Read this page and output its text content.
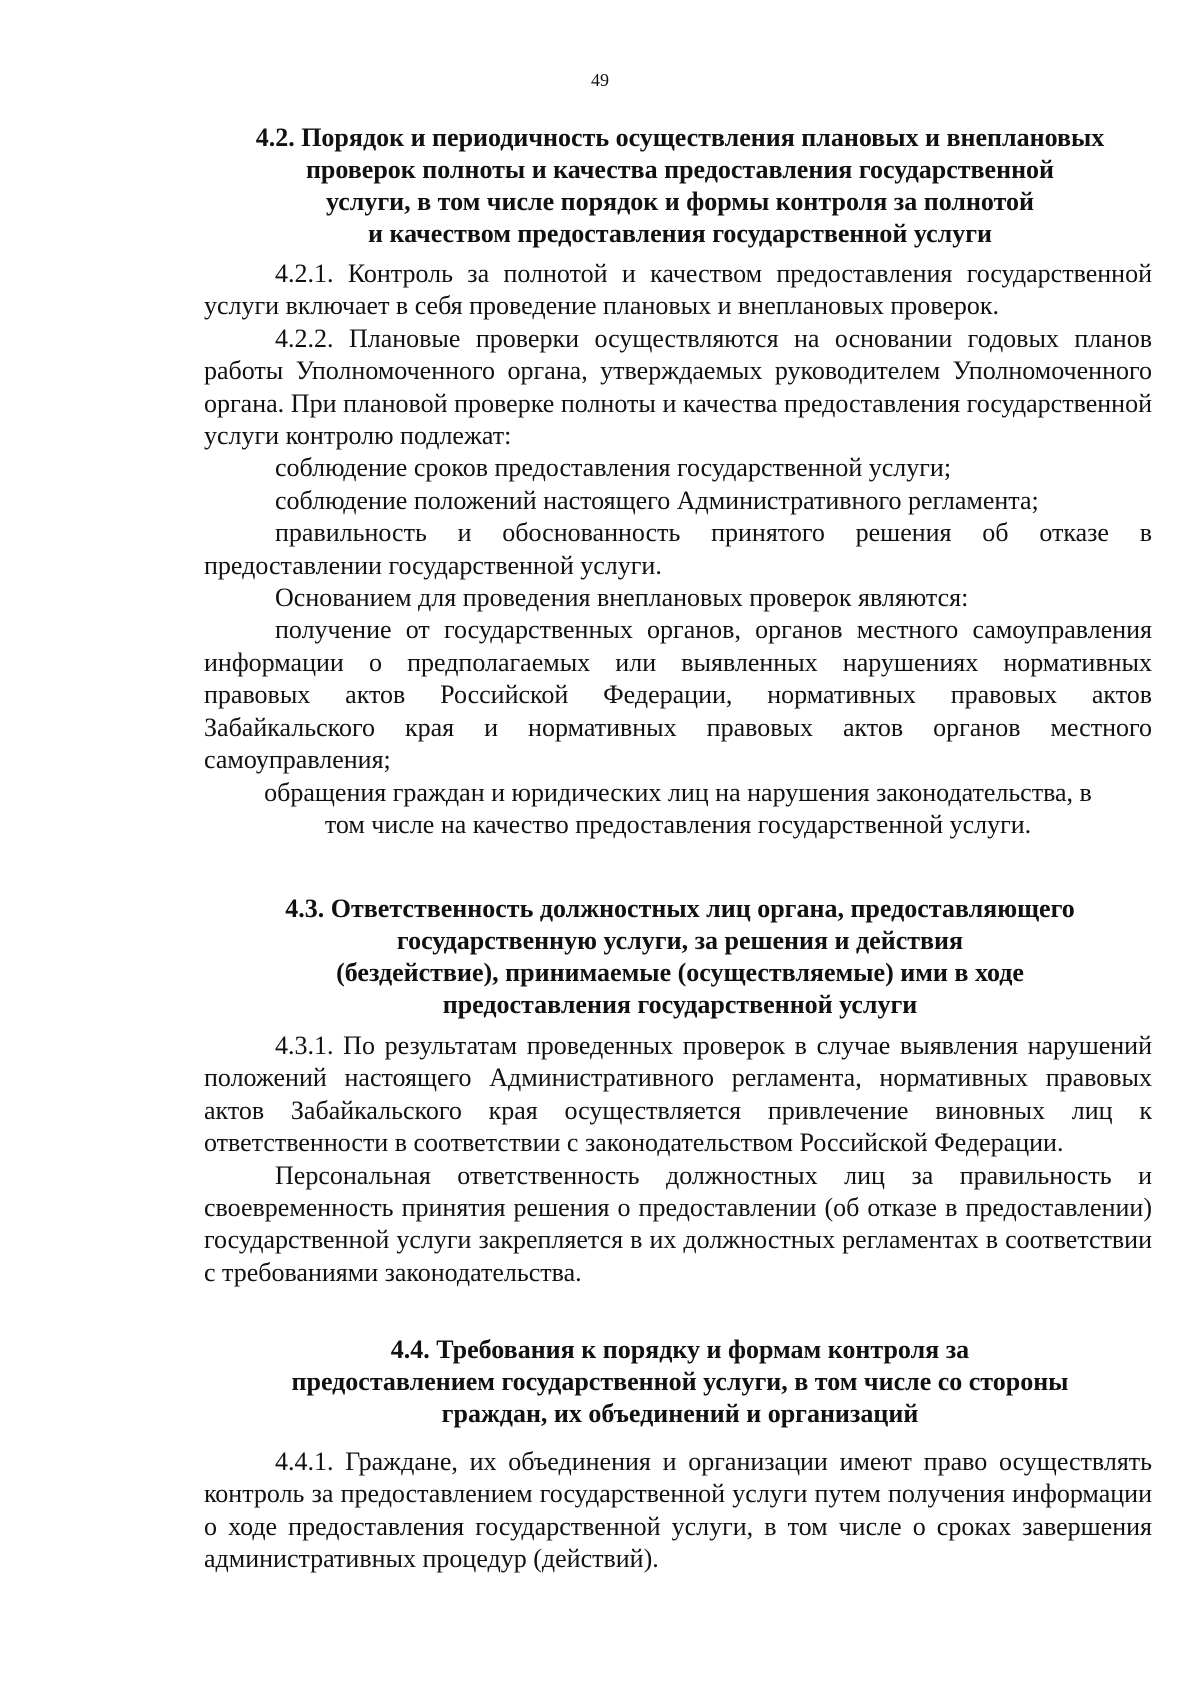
49
4.2. Порядок и периодичность осуществления плановых и внеплановых
проверок полноты и качества предоставления государственной
услуги, в том числе порядок и формы контроля за полнотой
и качеством предоставления государственной услуги

4.2.1. Контроль за полнотой и качеством предоставления государственной услуги включает в себя проведение плановых и внеплановых проверок.

4.2.2. Плановые проверки осуществляются на основании годовых планов работы Уполномоченного органа, утверждаемых руководителем Уполномоченного органа. При плановой проверке полноты и качества предоставления государственной услуги контролю подлежат:

соблюдение сроков предоставления государственной услуги;

соблюдение положений настоящего Административного регламента;

правильность и обоснованность принятого решения об отказе в предоставлении государственной услуги.

Основанием для проведения внеплановых проверок являются:

получение от государственных органов, органов местного самоуправления информации о предполагаемых или выявленных нарушениях нормативных правовых актов Российской Федерации, нормативных правовых актов Забайкальского края и нормативных правовых актов органов местного самоуправления;

обращения граждан и юридических лиц на нарушения законодательства, в
том числе на качество предоставления государственной услуги.

4.3. Ответственность должностных лиц органа, предоставляющего
государственную услуги, за решения и действия
(бездействие), принимаемые (осуществляемые) ими в ходе
предоставления государственной услуги

4.3.1. По результатам проведенных проверок в случае выявления нарушений положений настоящего Административного регламента, нормативных правовых актов Забайкальского края осуществляется привлечение виновных лиц к ответственности в соответствии с законодательством Российской Федерации.

Персональная ответственность должностных лиц за правильность и своевременность принятия решения о предоставлении (об отказе в предоставлении) государственной услуги закрепляется в их должностных регламентах в соответствии с требованиями законодательства.

4.4. Требования к порядку и формам контроля за
предоставлением государственной услуги, в том числе со стороны
граждан, их объединений и организаций

4.4.1. Граждане, их объединения и организации имеют право осуществлять контроль за предоставлением государственной услуги путем получения информации о ходе предоставления государственной услуги, в том числе о сроках завершения административных процедур (действий).
